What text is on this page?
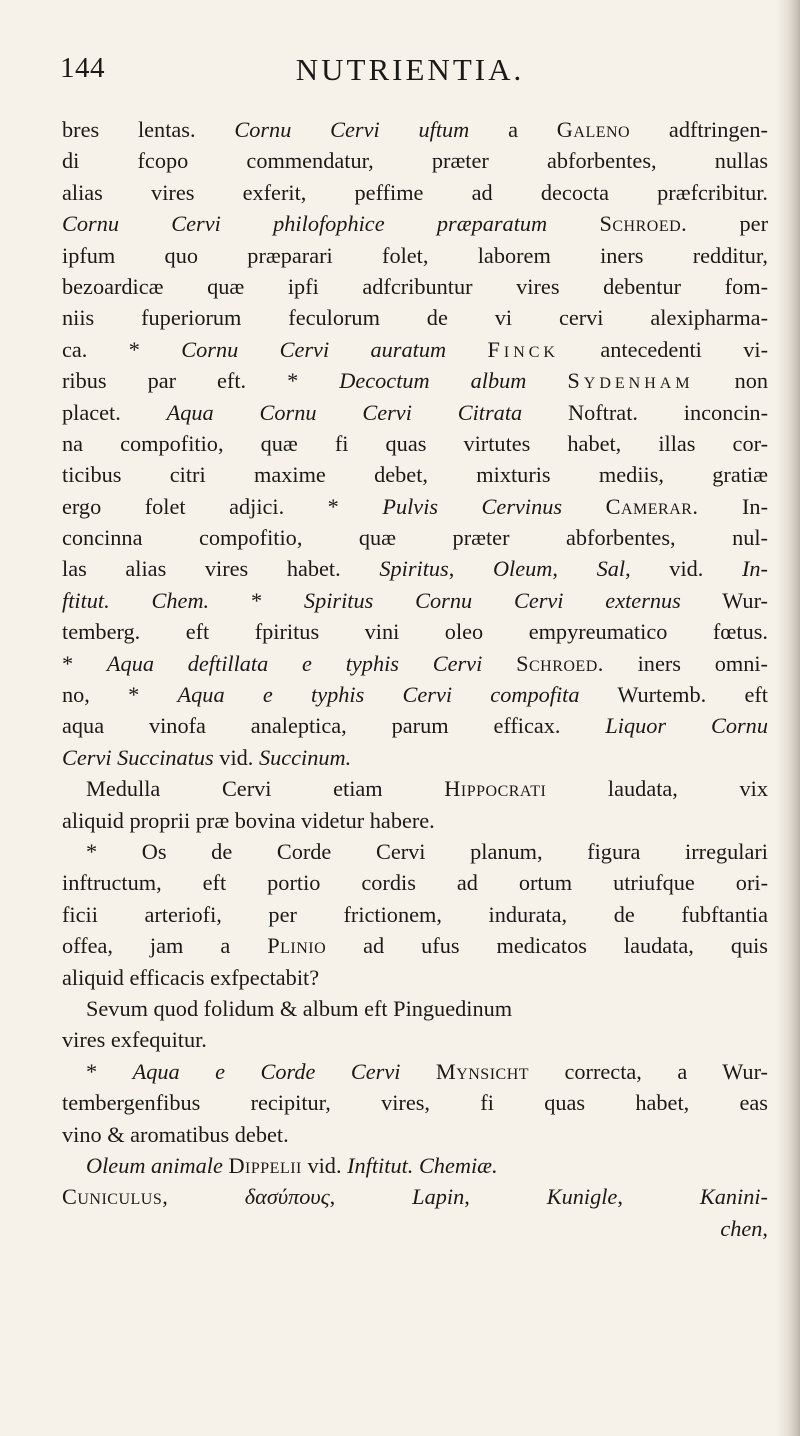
144	NUTRIENTIA.
bres lentas. Cornu Cervi uftum a Galeno adftringen-
di fcopo commendatur, præter abforbentes, nullas
alias vires exferit, peffime ad decocta præfcribitur.
Cornu Cervi philofophice præparatum Schroed. per
ipfum quo præparari folet, laborem iners redditur,
bezoardicæ quæ ipfi adfcribuntur vires debentur fom-
niis fuperiorum feculorum de vi cervi alexipharma-
ca. * Cornu Cervi auratum Finck antecedenti vi-
ribus par eft. * Decoctum album Sydenham non
placet. Aqua Cornu Cervi Citrata Noftrat. inconcin-
na compofitio, quæ fi quas virtutes habet, illas cor-
ticibus citri maxime debet, mixturis mediis, gratiæ
ergo folet adjici. * Pulvis Cervinus Camerar. In-
concinna compofitio, quæ præter abforbentes, nul-
las alias vires habet. Spiritus, Oleum, Sal, vid. In-
ftitut. Chem. * Spiritus Cornu Cervi externus Wur-
temberg. eft fpiritus vini oleo empyreumatico fœtus.
* Aqua deftillata e typhis Cervi Schroed. iners omni-
no, * Aqua e typhis Cervi compofita Wurtemb. eft
aqua vinofa analeptica, parum efficax. Liquor Cornu
Cervi Succinatus vid. Succinum.
Medulla Cervi etiam Hippocrati laudata, vix
aliquid proprii præ bovina videtur habere.
* Os de Corde Cervi planum, figura irregulari
inftructum, eft portio cordis ad ortum utriufque ori-
ficii arteriofi, per frictionem, indurata, de fubftantia
offea, jam a Plinio ad ufus medicatos laudata, quis
aliquid efficacis exfpectabit?
Sevum quod folidum & album eft Pinguedinum
vires exfequitur.
* Aqua e Corde Cervi Mynsicht correcta, a Wur-
tembergenfibus recipitur, vires, fi quas habet, eas
vino & aromatibus debet.
Oleum animale Dippelii vid. Inftitut. Chemiæ.
Cuniculus, δασύπους, Lapin, Kunigle, Kanini-
chen,
